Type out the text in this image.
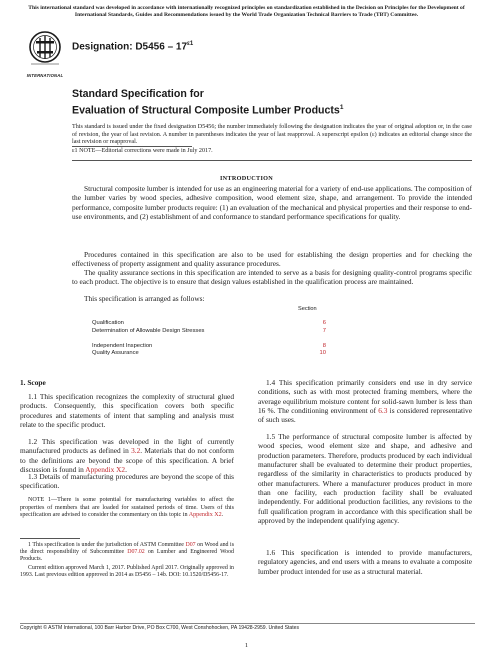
This international standard was developed in accordance with internationally recognized principles on standardization established in the Decision on Principles for the Development of International Standards, Guides and Recommendations issued by the World Trade Organization Technical Barriers to Trade (TBT) Committee.
INTERNATIONAL
Designation: $D5456 - 17^{\varepsilon 1}$
Standard Specification for
Evaluation of Structural Composite Lumber Products$^1$
This standard is issued under the fixed designation D5456; the number immediately following the designation indicates the year of original adoption or, in the case of revision, the year of last revision. A number in parentheses indicates the year of last reapproval. A superscript epsilon (ε) indicates an editorial change since the last revision or reapproval.
ε1 NOTE—Editorial corrections were made in July 2017.
INTRODUCTION
Structural composite lumber is intended for use as an engineering material for a variety of end-use applications. The composition of the lumber varies by wood species, adhesive composition, wood element size, shape, and arrangement. To provide the intended performance, composite lumber products require: (1) an evaluation of the mechanical and physical properties and their response to end-use environments, and (2) establishment of and conformance to standard performance specifications for quality.
Procedures contained in this specification are also to be used for establishing the design properties and for checking the effectiveness of property assignment and quality assurance procedures.
The quality assurance sections in this specification are intended to serve as a basis for designing quality-control programs specific to each product. The objective is to ensure that design values established in the qualification process are maintained.
This specification is arranged as follows:
Section
Qualification	6
Determination of Allowable Design Stresses	7
Independent Inspection	8
Quality Assurance	10
1. Scope
1.1 This specification recognizes the complexity of structural glued products. Consequently, this specification covers both specific procedures and statements of intent that sampling and analysis must relate to the specific product.
1.2 This specification was developed in the light of currently manufactured products as defined in 3.2. Materials that do not conform to the definitions are beyond the scope of this specification. A brief discussion is found in Appendix X2.
1.3 Details of manufacturing procedures are beyond the scope of this specification.
NOTE 1—There is some potential for manufacturing variables to affect the properties of members that are loaded for sustained periods of time. Users of this specification are advised to consider the commentary on this topic in Appendix X2.
1 This specification is under the jurisdiction of ASTM Committee D07 on Wood and is the direct responsibility of Subcommittee D07.02 on Lumber and Engineered Wood Products.
Current edition approved March 1, 2017. Published April 2017. Originally approved in 1993. Last previous edition approved in 2014 as D5456 – 14b. DOI: 10.1520/D5456-17.
1.4 This specification primarily considers end use in dry service conditions, such as with most protected framing members, where the average equilibrium moisture content for solid-sawn lumber is less than 16 %. The conditioning environment of 6.3 is considered representative of such uses.
1.5 The performance of structural composite lumber is affected by wood species, wood element size and shape, and adhesive and production parameters. Therefore, products produced by each individual manufacturer shall be evaluated to determine their product properties, regardless of the similarity in characteristics to products produced by other manufacturers. Where a manufacturer produces product in more than one facility, each production facility shall be evaluated independently. For additional production facilities, any revisions to the full qualification program in accordance with this specification shall be approved by the independent qualifying agency.
1.6 This specification is intended to provide manufacturers, regulatory agencies, and end users with a means to evaluate a composite lumber product intended for use as a structural material.
Copyright © ASTM International, 100 Barr Harbor Drive, PO Box C700, West Conshohocken, PA 19428-2959. United States
1
